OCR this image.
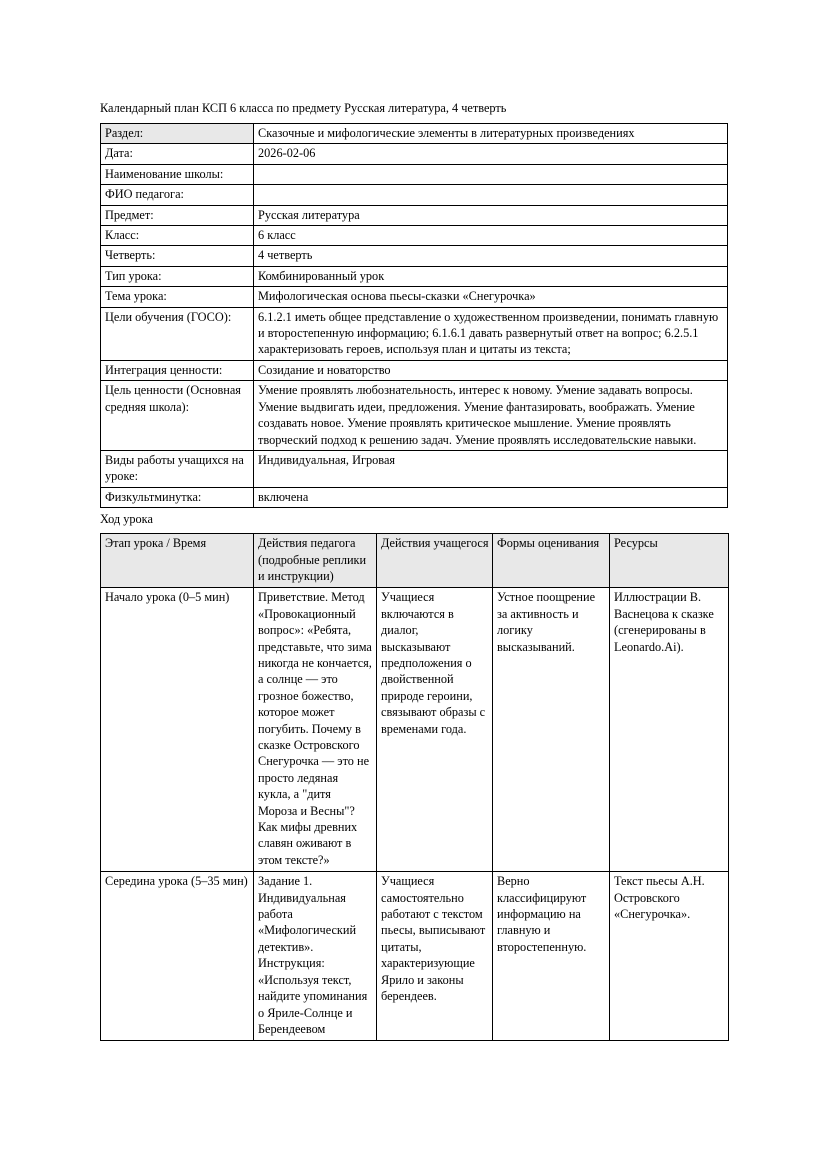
Календарный план КСП 6 класса по предмету Русская литература, 4 четверть
Раздел:	Сказочные и мифологические элементы в литературных произведениях
Дата:	2026-02-06
Наименование школы:	
ФИО педагога:	
Предмет:	Русская литература
Класс:	6 класс
Четверть:	4 четверть
Тип урока:	Комбинированный урок
Тема урока:	Мифологическая основа пьесы-сказки «Снегурочка»
Цели обучения (ГОСО):	6.1.2.1 иметь общее представление о художественном произведении, понимать главную и второстепенную информацию; 6.1.6.1 давать развернутый ответ на вопрос; 6.2.5.1 характеризовать героев, используя план и цитаты из текста;
Интеграция ценности:	Созидание и новаторство
Цель ценности (Основная средняя школа):	Умение проявлять любознательность, интерес к новому. Умение задавать вопросы. Умение выдвигать идеи, предложения. Умение фантазировать, воображать. Умение создавать новое. Умение проявлять критическое мышление. Умение проявлять творческий подход к решению задач. Умение проявлять исследовательские навыки.
Виды работы учащихся на уроке:	Индивидуальная, Игровая
Физкультминутка:	включена
Ход урока
Этап урока / Время	Действия педагога (подробные реплики и инструкции)	Действия учащегося	Формы оценивания	Ресурсы
Начало урока (0–5 мин)	Приветствие. Метод «Провокационный вопрос»: «Ребята, представьте, что зима никогда не кончается, а солнце — это грозное божество, которое может погубить. Почему в сказке Островского Снегурочка — это не просто ледяная кукла, а "дитя Мороза и Весны"? Как мифы древних славян оживают в этом тексте?»	Учащиеся включаются в диалог, высказывают предположения о двойственной природе героини, связывают образы с временами года.	Устное поощрение за активность и логику высказываний.	Иллюстрации В. Васнецова к сказке (сгенерированы в Leonardo.Ai).
Середина урока (5–35 мин)	Задание 1. Индивидуальная работа «Мифологический детектив». Инструкция: «Используя текст, найдите упоминания о Яриле-Солнце и Берендеевом	Учащиеся самостоятельно работают с текстом пьесы, выписывают цитаты, характеризующие Ярило и законы берендеев.	Верно классифицируют информацию на главную и второстепенную.	Текст пьесы А.Н. Островского «Снегурочка».
